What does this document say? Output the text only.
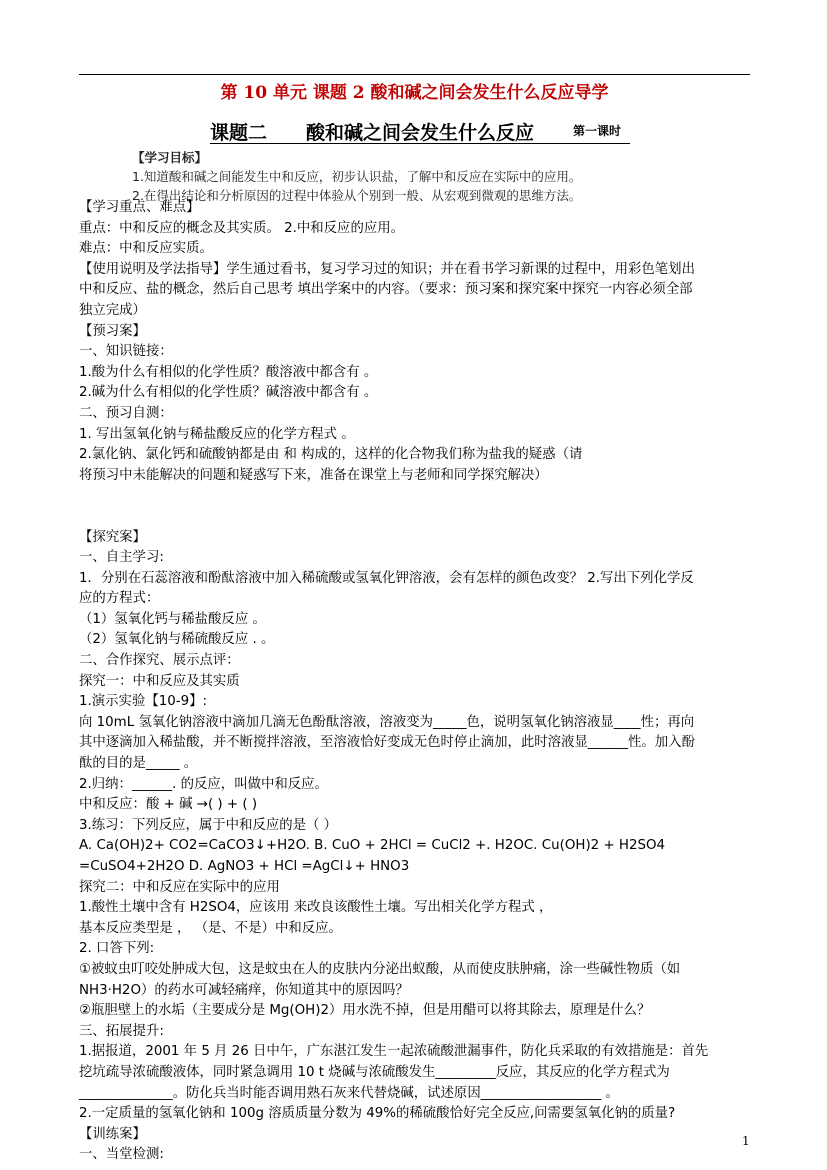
第 10 单元 课题 2 酸和碱之间会发生什么反应导学
课题二 酸和碱之间会发生什么反应	第一课时
【学习目标】
1.知道酸和碱之间能发生中和反应，初步认识盐，了解中和反应在实际中的应用。
2.在得出结论和分析原因的过程中体验从个别到一般、从宏观到微观的思维方法。
【学习重点、难点】
重点：中和反应的概念及其实质。 2.中和反应的应用。
难点：中和反应实质。
【使用说明及学法指导】学生通过看书，复习学习过的知识；并在看书学习新课的过程中，用彩色笔划出
中和反应、盐的概念，然后自己思考 填出学案中的内容。（要求：预习案和探究案中探究一内容必须全部
独立完成）
【预习案】
一、知识链接：
1.酸为什么有相似的化学性质？酸溶液中都含有 。
2.碱为什么有相似的化学性质？碱溶液中都含有 。
二、预习自测：
1. 写出氢氧化钠与稀盐酸反应的化学方程式 。
2.氯化钠、氯化钙和硫酸钠都是由 和 构成的，这样的化合物我们称为盐我的疑惑（请
将预习中未能解决的问题和疑惑写下来，准备在课堂上与老师和同学探究解决）
【探究案】
一、自主学习:
1．分别在石蕊溶液和酚酞溶液中加入稀硫酸或氢氧化钾溶液，会有怎样的颜色改变？ 2.写出下列化学反
应的方程式：
（1）氢氧化钙与稀盐酸反应 。
（2）氢氧化钠与稀硫酸反应 . 。
二、合作探究、展示点评：
探究一：中和反应及其实质
1.演示实验【10-9】:
向 10mL 氢氧化钠溶液中滴加几滴无色酚酞溶液，溶液变为_____色，说明氢氧化钠溶液显____性；再向
其中逐滴加入稀盐酸，并不断搅拌溶液，至溶液恰好变成无色时停止滴加，此时溶液显______性。加入酚
酞的目的是_____ 。
2.归纳：______. 的反应，叫做中和反应。
中和反应：酸 + 碱 →( ) + ( )
3.练习：下列反应，属于中和反应的是（ ）
A. Ca(OH)2+ CO2=CaCO3↓+H2O. B. CuO + 2HCl = CuCl2 +. H2OC. Cu(OH)2 + H2SO4
=CuSO4+2H2O D. AgNO3 + HCl =AgCl↓+ HNO3
探究二：中和反应在实际中的应用
1.酸性土壤中含有 H2SO4，应该用 来改良该酸性土壤。写出相关化学方程式 ，
基本反应类型是 ， （是、不是）中和反应。
2. 口答下列:
①被蚊虫叮咬处肿成大包，这是蚊虫在人的皮肤内分泌出蚁酸，从而使皮肤肿痛，涂一些碱性物质（如
NH3·H2O）的药水可减轻痛痒，你知道其中的原因吗？
②瓶胆壁上的水垢（主要成分是 Mg(OH)2）用水洗不掉，但是用醋可以将其除去，原理是什么？
三、拓展提升:
1.据报道，2001 年 5 月 26 日中午，广东湛江发生一起浓硫酸泄漏事件，防化兵采取的有效措施是：首先
挖坑疏导浓硫酸液体，同时紧急调用 10 t 烧碱与浓硫酸发生_________反应，其反应的化学方程式为
______________。防化兵当时能否调用熟石灰来代替烧碱，试述原因__________________ 。
2.一定质量的氢氧化钠和 100g 溶质质量分数为 49%的稀硫酸恰好完全反应,问需要氢氧化钠的质量?
【训练案】
一、当堂检测:
1
